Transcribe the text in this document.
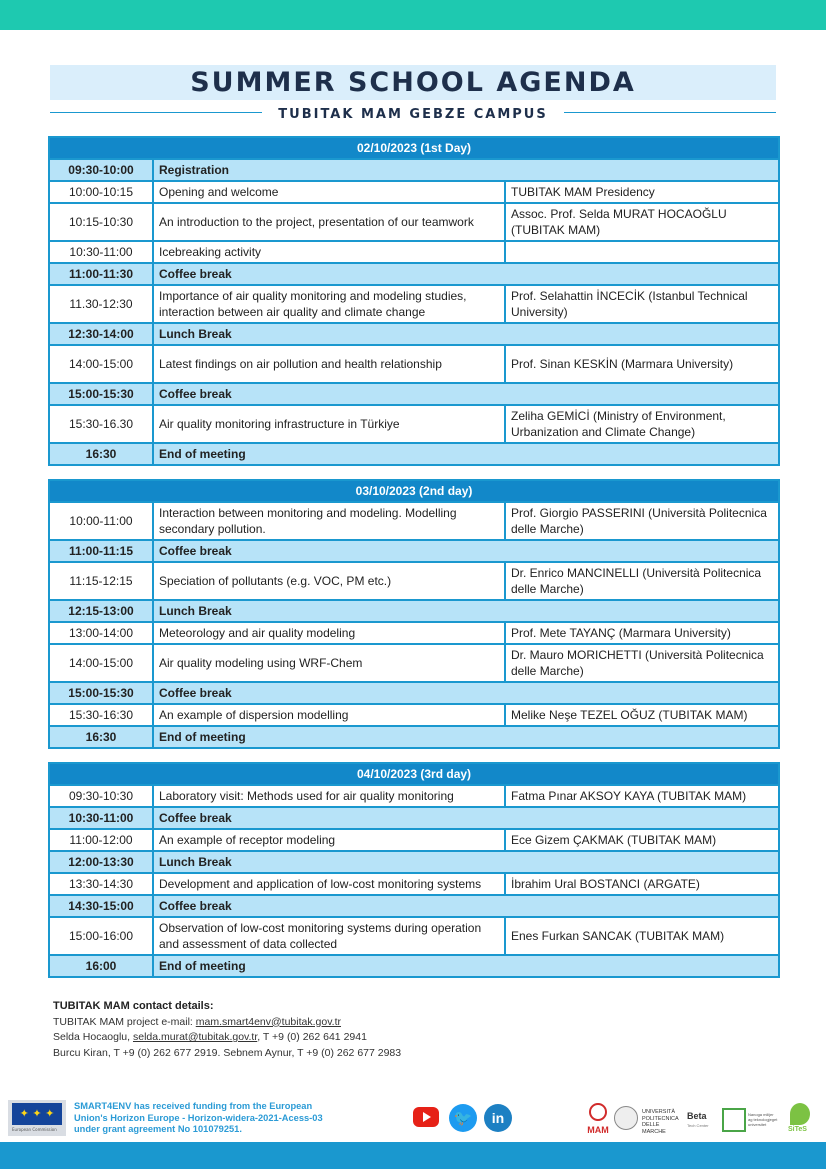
SUMMER SCHOOL AGENDA
TUBITAK MAM GEBZE CAMPUS
02/10/2023 (1st Day)		
09:30-10:00	Registration	
10:00-10:15	Opening and welcome	TUBITAK MAM Presidency
10:15-10:30	An introduction to the project, presentation of our teamwork	Assoc. Prof. Selda MURAT HOCAOĞLU (TUBITAK MAM)
10:30-11:00	Icebreaking activity	
11:00-11:30	Coffee break	
11.30-12:30	Importance of air quality monitoring and modeling studies, interaction between air quality and climate change	Prof. Selahattin İNCECİK (Istanbul Technical University)
12:30-14:00	Lunch Break	
14:00-15:00	Latest findings on air pollution and health relationship	Prof. Sinan KESKİN (Marmara University)
15:00-15:30	Coffee break	
15:30-16.30	Air quality monitoring infrastructure in Türkiye	Zeliha GEMİCİ (Ministry of Environment, Urbanization and Climate Change)
16:30	End of meeting	
03/10/2023 (2nd day)		
10:00-11:00	Interaction between monitoring and modeling. Modelling secondary pollution.	Prof. Giorgio PASSERINI (Università Politecnica delle Marche)
11:00-11:15	Coffee break	
11:15-12:15	Speciation of pollutants (e.g. VOC, PM etc.)	Dr. Enrico MANCINELLI (Università Politecnica delle Marche)
12:15-13:00	Lunch Break	
13:00-14:00	Meteorology and air quality modeling	Prof. Mete TAYANÇ (Marmara University)
14:00-15:00	Air quality modeling using WRF-Chem	Dr. Mauro MORICHETTI (Università Politecnica delle Marche)
15:00-15:30	Coffee break	
15:30-16:30	An example of dispersion modelling	Melike Neşe TEZEL OĞUZ (TUBITAK MAM)
16:30	End of meeting	
04/10/2023 (3rd day)		
09:30-10:30	Laboratory visit: Methods used for air quality monitoring	Fatma Pınar AKSOY KAYA (TUBITAK MAM)
10:30-11:00	Coffee break	
11:00-12:00	An example of receptor modeling	Ece Gizem ÇAKMAK (TUBITAK MAM)
12:00-13:30	Lunch Break	
13:30-14:30	Development and application of low-cost monitoring systems	İbrahim Ural BOSTANCI (ARGATE)
14:30-15:00	Coffee break	
15:00-16:00	Observation of low-cost monitoring systems during operation and assessment of data collected	Enes Furkan SANCAK (TUBITAK MAM)
16:00	End of meeting	
TUBITAK MAM contact details:
TUBITAK MAM project e-mail: mam.smart4env@tubitak.gov.tr
Selda Hocaoglu, selda.murat@tubitak.gov.tr, T +9 (0) 262 641 2941
Burcu Kiran, T +9 (0) 262 677 2919. Sebnem Aynur, T +9 (0) 262 677 2983
✦ ✦ ✦
European Commission
SMART4ENV has received funding from the European Union's Horizon Europe - Horizon-widera-2021-Acess-03 under grant agreement No 101079251.
🐦	in
MAM
UNIVERSITÀ POLITECNICA DELLE MARCHE
Beta
Tech Center
Nanoga milijer ag teknologjeget universitet
SiTeS
